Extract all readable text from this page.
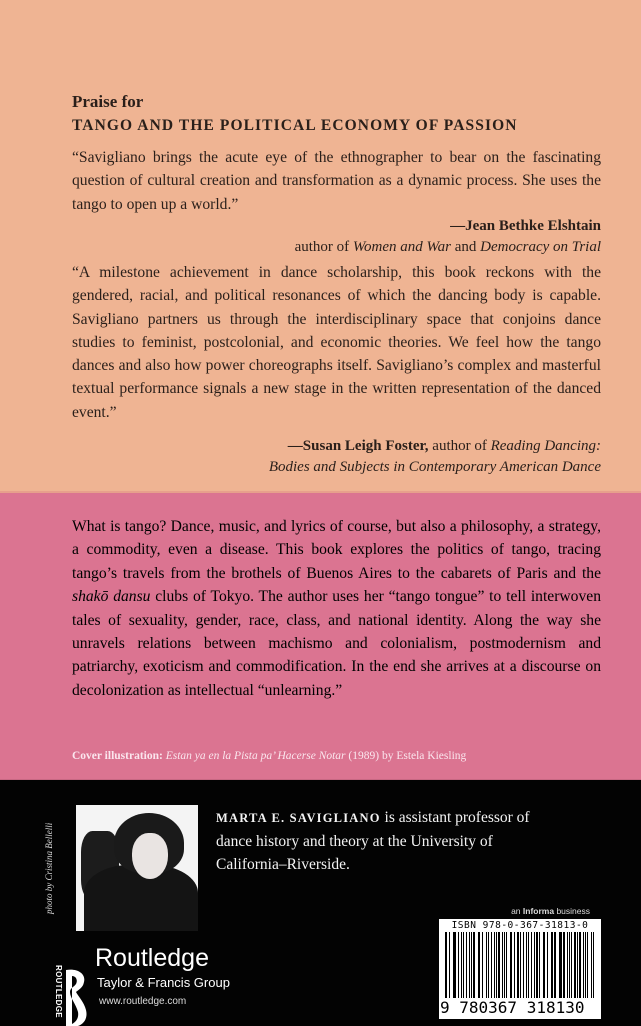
Praise for
TANGO AND THE POLITICAL ECONOMY OF PASSION
“Savigliano brings the acute eye of the ethnographer to bear on the fascinating question of cultural creation and transformation as a dynamic process. She uses the tango to open up a world.”
—Jean Bethke Elshtain
author of Women and War and Democracy on Trial
“A milestone achievement in dance scholarship, this book reckons with the gendered, racial, and political resonances of which the dancing body is capable. Savigliano partners us through the interdisciplinary space that conjoins dance studies to feminist, postcolonial, and economic theories. We feel how the tango dances and also how power choreographs itself. Savigliano’s complex and masterful textual performance signals a new stage in the written representation of the danced event.”
—Susan Leigh Foster, author of Reading Dancing:
Bodies and Subjects in Contemporary American Dance
What is tango? Dance, music, and lyrics of course, but also a philosophy, a strategy, a commodity, even a disease. This book explores the politics of tango, tracing tango’s travels from the brothels of Buenos Aires to the cabarets of Paris and the shakō dansu clubs of Tokyo. The author uses her “tango tongue” to tell interwoven tales of sexuality, gender, race, class, and national identity. Along the way she unravels relations between machismo and colonialism, postmodernism and patriarchy, exoticism and commodification. In the end she arrives at a discourse on decolonization as intellectual “unlearning.”
Cover illustration: Estan ya en la Pista pa’ Hacerse Notar (1989) by Estela Kiesling
photo by Cristina Bellelli
MARTA E. SAVIGLIANO is assistant professor of dance history and theory at the University of California–Riverside.
an Informa business
ISBN 978-0-367-31813-0
9 780367 318130
ROUTLEDGE
Routledge
Taylor & Francis Group
www.routledge.com
